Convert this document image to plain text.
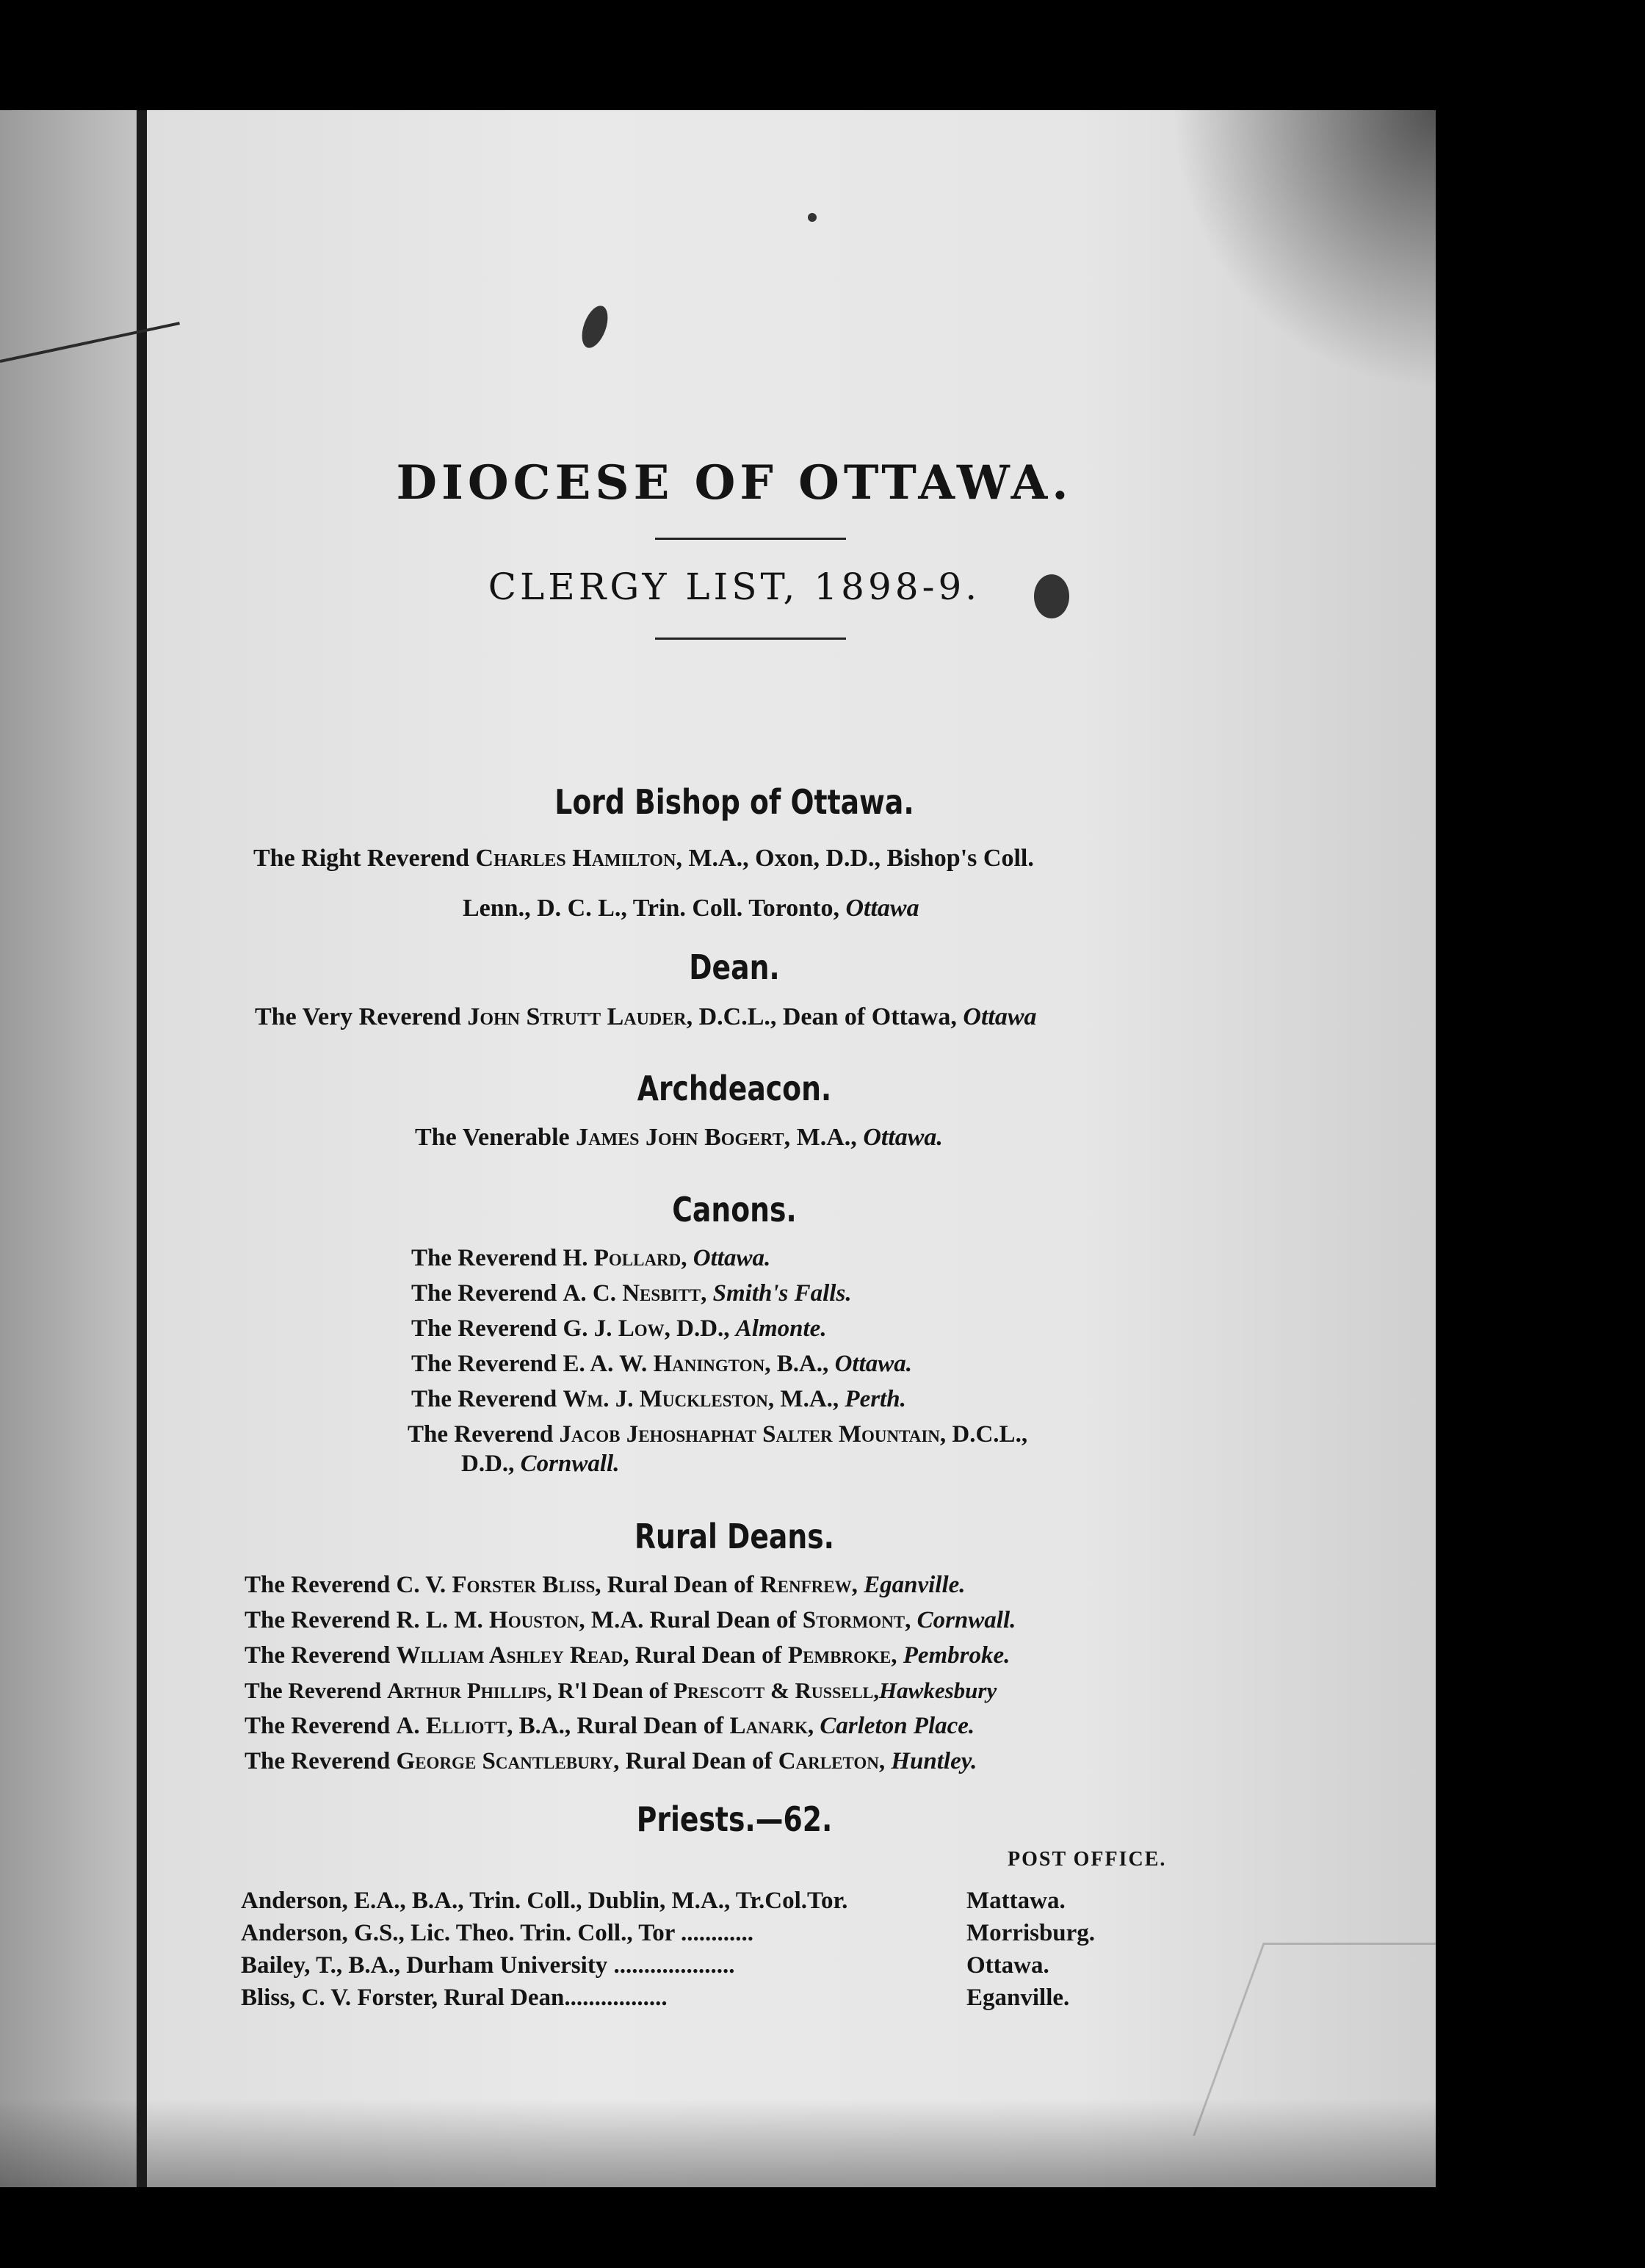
DIOCESE OF OTTAWA.
CLERGY LIST, 1898-9.
Lord Bishop of Ottawa.
The Right Reverend Charles Hamilton, M.A., Oxon, D.D., Bishop's Coll.
Lenn., D. C. L., Trin. Coll. Toronto, Ottawa
Dean.
The Very Reverend John Strutt Lauder, D.C.L., Dean of Ottawa, Ottawa
Archdeacon.
The Venerable James John Bogert, M.A., Ottawa.
Canons.
The Reverend H. Pollard, Ottawa.
The Reverend A. C. Nesbitt, Smith's Falls.
The Reverend G. J. Low, D.D., Almonte.
The Reverend E. A. W. Hanington, B.A., Ottawa.
The Reverend Wm. J. Muckleston, M.A., Perth.
The Reverend Jacob Jehoshaphat Salter Mountain, D.C.L.,
D.D., Cornwall.
Rural Deans.
The Reverend C. V. Forster Bliss, Rural Dean of Renfrew, Eganville.
The Reverend R. L. M. Houston, M.A. Rural Dean of Stormont, Cornwall.
The Reverend William Ashley Read, Rural Dean of Pembroke, Pembroke.
The Reverend Arthur Phillips, R'l Dean of Prescott & Russell,Hawkesbury
The Reverend A. Elliott, B.A., Rural Dean of Lanark, Carleton Place.
The Reverend George Scantlebury, Rural Dean of Carleton, Huntley.
Priests.—62.
POST OFFICE.
Anderson, E.A., B.A., Trin. Coll., Dublin, M.A., Tr.Col.Tor.	Mattawa.
Anderson, G.S., Lic. Theo. Trin. Coll., Tor ............	Morrisburg.
Bailey, T., B.A., Durham University ....................	Ottawa.
Bliss, C. V. Forster, Rural Dean.................	Eganville.
